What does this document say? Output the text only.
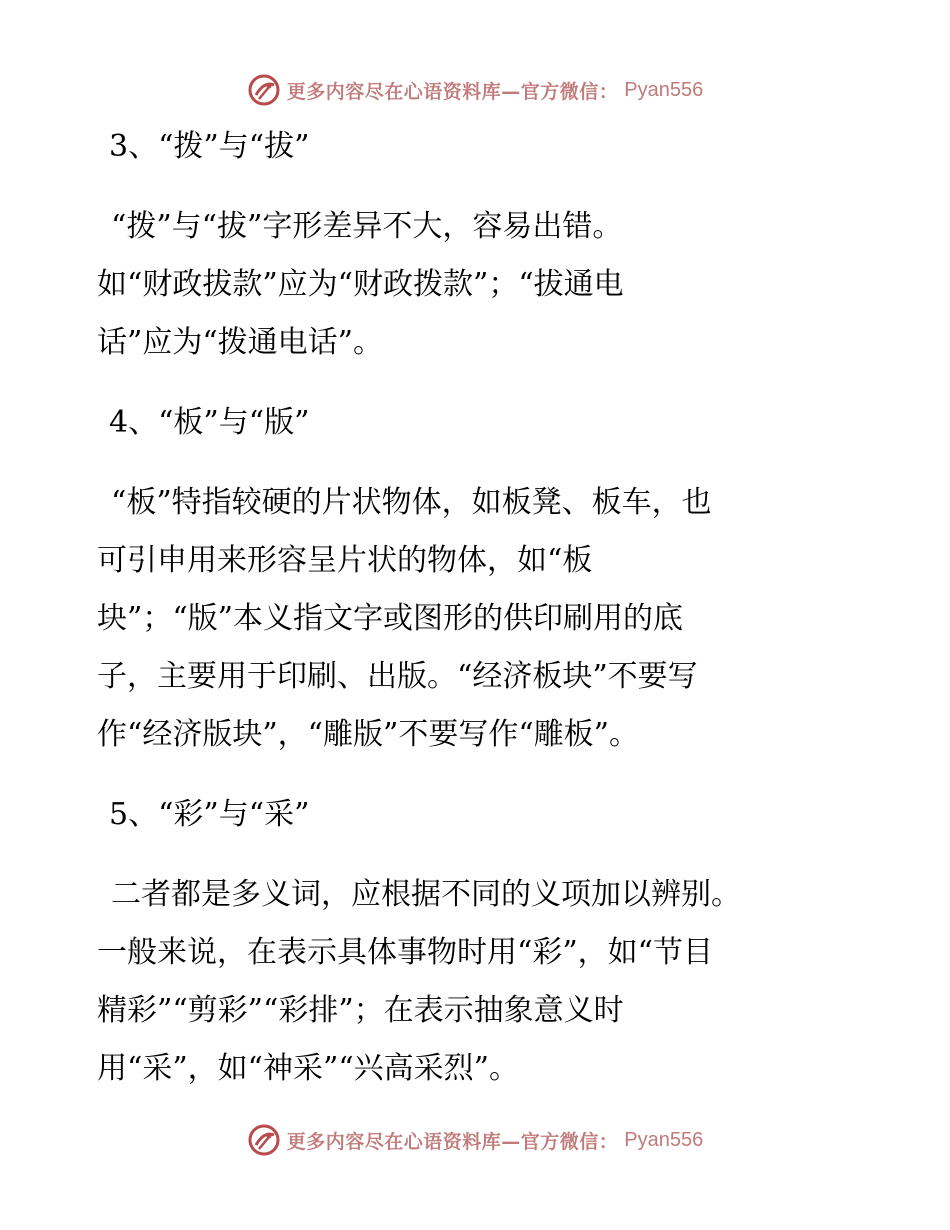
更多内容尽在心语资料库—官方微信： Pyan556
3、“拨”与“拔”
“拨”与“拔”字形差异不大，容易出错。
如“财政拔款”应为“财政拨款”；“拔通电
话”应为“拨通电话”。
4、“板”与“版”
“板”特指较硬的片状物体，如板凳、板车，也
可引申用来形容呈片状的物体，如“板
块”；“版”本义指文字或图形的供印刷用的底
子，主要用于印刷、出版。“经济板块”不要写
作“经济版块”，“雕版”不要写作“雕板”。
5、“彩”与“采”
二者都是多义词，应根据不同的义项加以辨别。
一般来说，在表示具体事物时用“彩”，如“节目
精彩”“剪彩”“彩排”；在表示抽象意义时
用“采”，如“神采”“兴高采烈”。
更多内容尽在心语资料库—官方微信： Pyan556
